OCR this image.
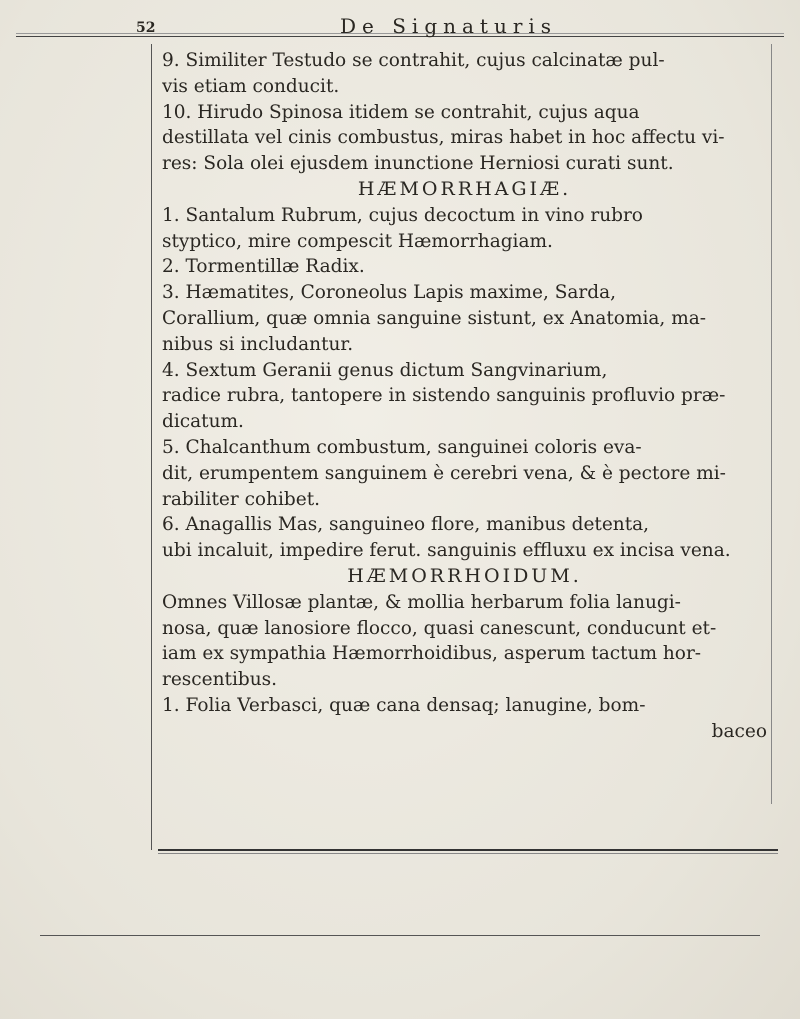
52	De Signaturis
9. Similiter Testudo se contrahit, cujus calcinatæ pul-
vis etiam conducit.
10. Hirudo Spinosa itidem se contrahit, cujus aqua
destillata vel cinis combustus, miras habet in hoc affectu vi-
res: Sola olei ejusdem inunctione Herniosi curati sunt.
HÆMORRHAGIÆ.
1. Santalum Rubrum, cujus decoctum in vino rubro
styptico, mire compescit Hæmorrhagiam.
2. Tormentillæ Radix.
3. Hæmatites, Coroneolus Lapis maxime, Sarda,
Corallium, quæ omnia sanguine sistunt, ex Anatomia, ma-
nibus si includantur.
4. Sextum Geranii genus dictum Sangvinarium,
radice rubra, tantopere in sistendo sanguinis profluvio præ-
dicatum.
5. Chalcanthum combustum, sanguinei coloris eva-
dit, erumpentem sanguinem è cerebri vena, & è pectore mi-
rabiliter cohibet.
6. Anagallis Mas, sanguineo flore, manibus detenta,
ubi incaluit, impedire ferut. sanguinis effluxu ex incisa vena.
HÆMORRHOIDUM.
Omnes Villosæ plantæ, & mollia herbarum folia lanugi-
nosa, quæ lanosiore flocco, quasi canescunt, conducunt et-
iam ex sympathia Hæmorrhoidibus, asperum tactum hor-
rescentibus.
1. Folia Verbasci, quæ cana densaq; lanugine, bom-
baceo
